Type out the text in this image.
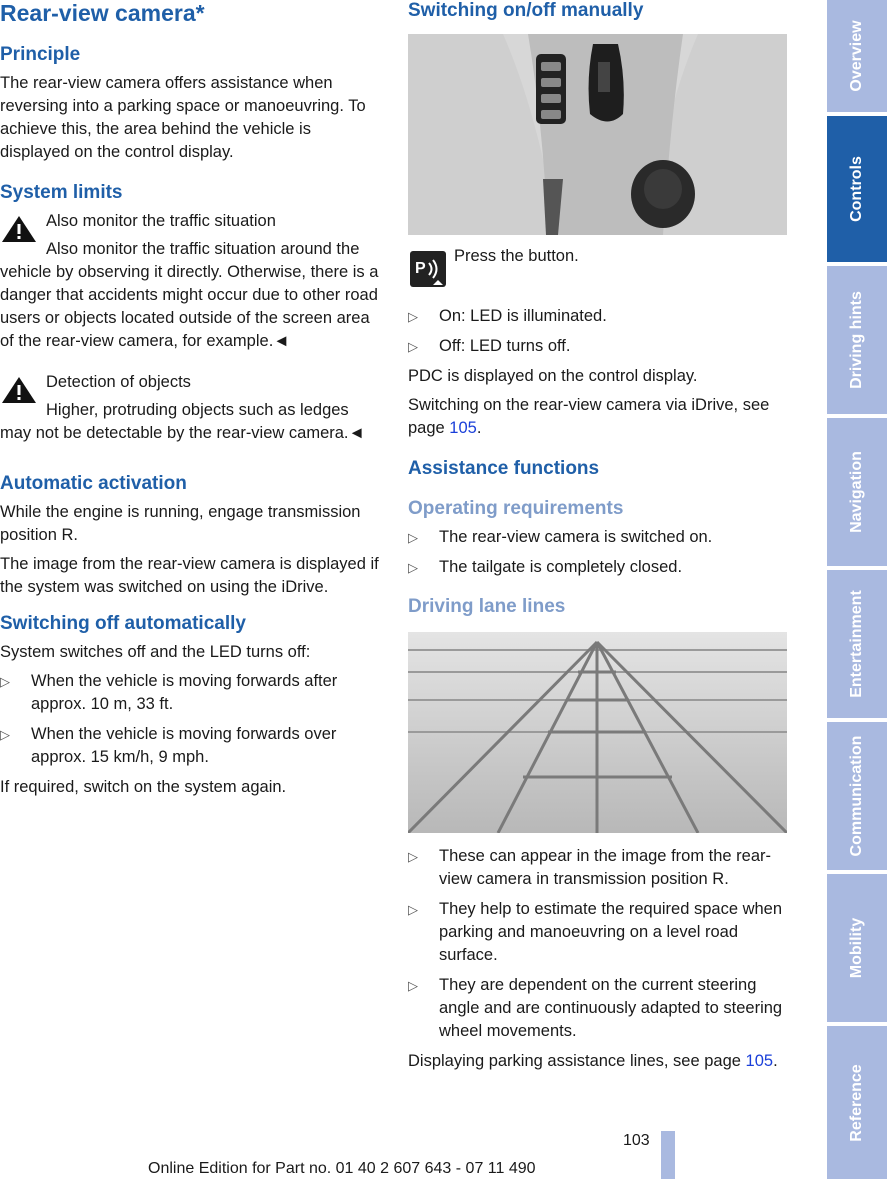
Rear-view camera*
Principle

The rear-view camera offers assistance when reversing into a parking space or manoeuvring. To achieve this, the area behind the vehicle is displayed on the control display.

System limits

Also monitor the traffic situation

Also monitor the traffic situation around the vehicle by observing it directly. Otherwise, there is a danger that accidents might occur due to other road users or objects located outside of the screen area of the rear-view camera, for example.◄

Detection of objects

Higher, protruding objects such as ledges may not be detectable by the rear-view camera.◄

Automatic activation

While the engine is running, engage transmission position R.

The image from the rear-view camera is displayed if the system was switched on using the iDrive.

Switching off automatically

System switches off and the LED turns off:

▷ When the vehicle is moving forwards after approx. 10 m, 33 ft.
▷ When the vehicle is moving forwards over approx. 15 km/h, 9 mph.

If required, switch on the system again.

Switching on/off manually
P

Press the button.

▷ On: LED is illuminated.
▷ Off: LED turns off.

PDC is displayed on the control display.

Switching on the rear-view camera via iDrive, see page 105.

Assistance functions
Operating requirements
▷ The rear-view camera is switched on.
▷ The tailgate is completely closed.
Driving lane lines
▷ These can appear in the image from the rear-view camera in transmission position R.
▷ They help to estimate the required space when parking and manoeuvring on a level road surface.
▷ They are dependent on the current steering angle and are continuously adapted to steering wheel movements.

Displaying parking assistance lines, see page 105.

Overview
Controls
Driving hints
Navigation
Entertainment
Communication
Mobility
Reference
103
Online Edition for Part no. 01 40 2 607 643 - 07 11 490
